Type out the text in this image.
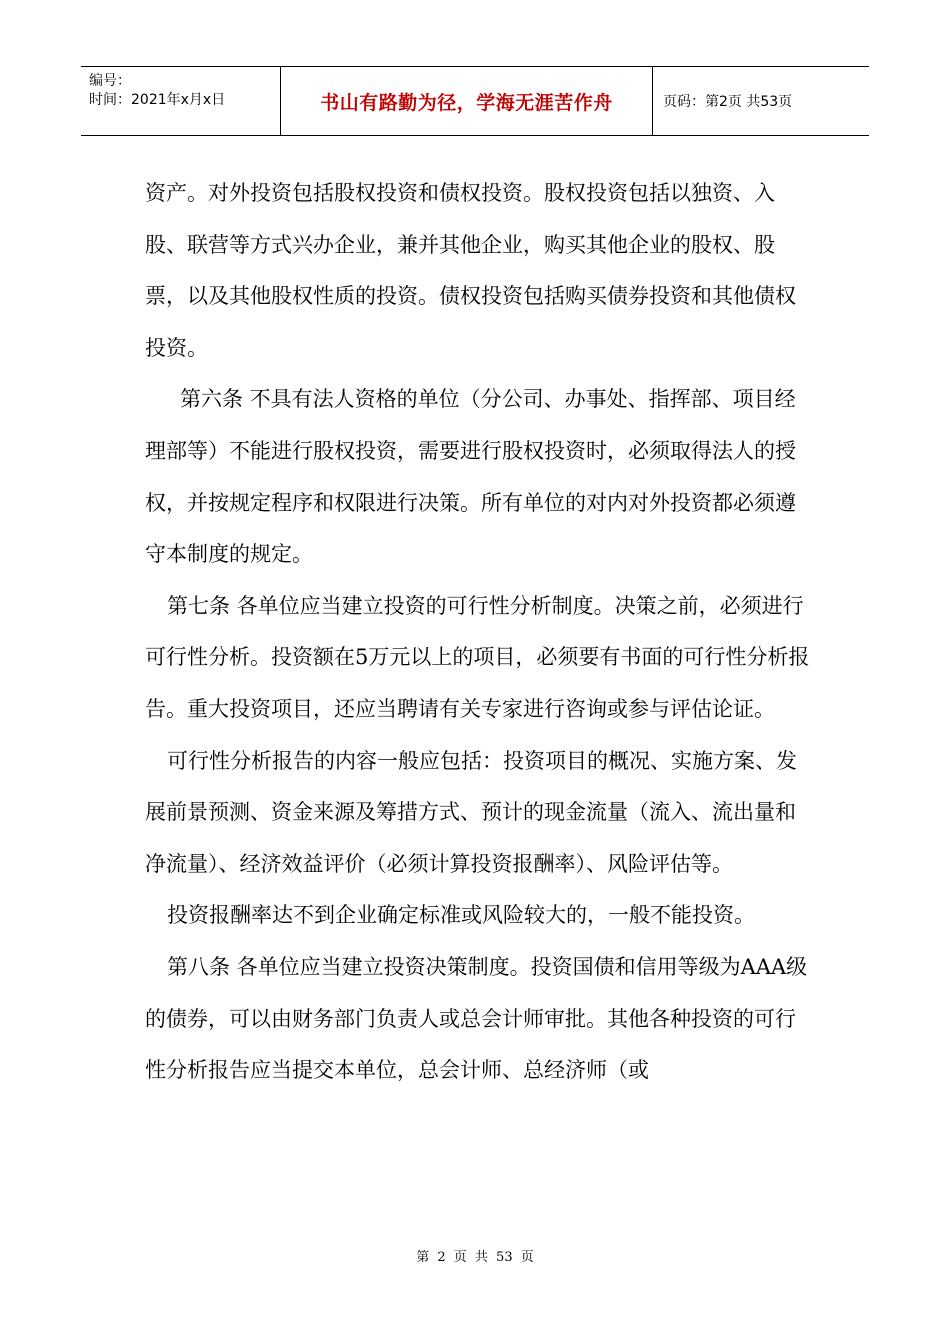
编号：
时间：2021年x月x日	书山有路勤为径，学海无涯苦作舟	页码：第2页 共53页

资产。对外投资包括股权投资和债权投资。股权投资包括以独资、入股、联营等方式兴办企业，兼并其他企业，购买其他企业的股权、股票，以及其他股权性质的投资。债权投资包括购买债券投资和其他债权投资。

第六条 不具有法人资格的单位（分公司、办事处、指挥部、项目经理部等）不能进行股权投资，需要进行股权投资时，必须取得法人的授权，并按规定程序和权限进行决策。所有单位的对内对外投资都必须遵守本制度的规定。

第七条 各单位应当建立投资的可行性分析制度。决策之前，必须进行可行性分析。投资额在5万元以上的项目，必须要有书面的可行性分析报告。重大投资项目，还应当聘请有关专家进行咨询或参与评估论证。

可行性分析报告的内容一般应包括：投资项目的概况、实施方案、发展前景预测、资金来源及筹措方式、预计的现金流量（流入、流出量和净流量）、经济效益评价（必须计算投资报酬率）、风险评估等。

投资报酬率达不到企业确定标准或风险较大的，一般不能投资。

第八条 各单位应当建立投资决策制度。投资国债和信用等级为AAA级的债券，可以由财务部门负责人或总会计师审批。其他各种投资的可行性分析报告应当提交本单位，总会计师、总经济师（或

第 2 页 共 53 页
